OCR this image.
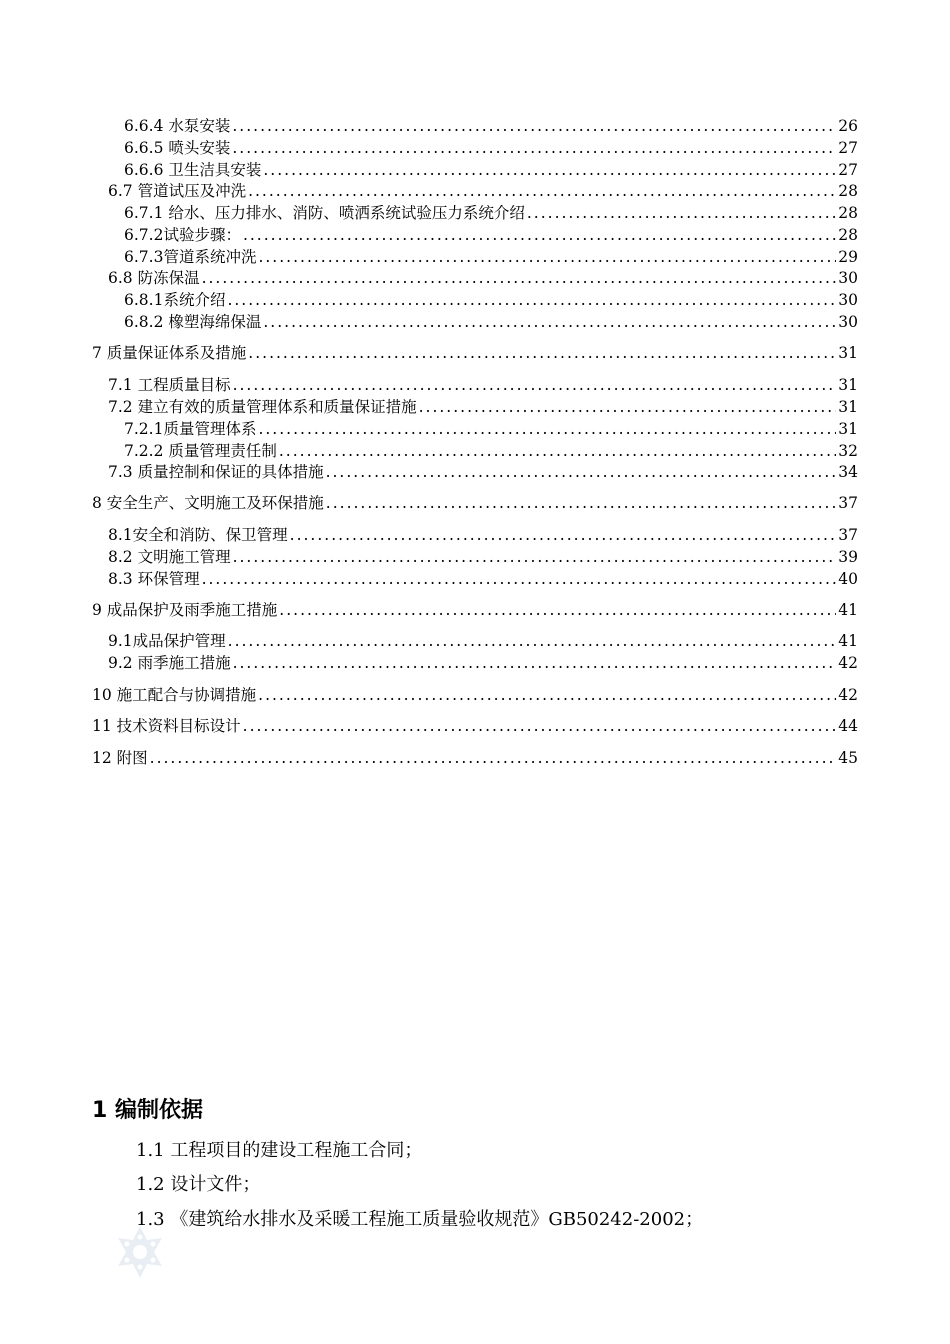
6.6.4 水泵安装 .....	26
6.6.5 喷头安装 .....	27
6.6.6 卫生洁具安装 .....	27
6.7 管道试压及冲洗 .....	28
6.7.1 给水、压力排水、消防、喷洒系统试验压力系统介绍 .....	28
6.7.2试验步骤： .....	28
6.7.3管道系统冲洗 .....	29
6.8 防冻保温 .....	30
6.8.1系统介绍 .....	30
6.8.2 橡塑海绵保温 .....	30
7 质量保证体系及措施 .....	31
7.1 工程质量目标 .....	31
7.2 建立有效的质量管理体系和质量保证措施 .....	31
7.2.1质量管理体系 .....	31
7.2.2 质量管理责任制 .....	32
7.3 质量控制和保证的具体措施 .....	34
8 安全生产、文明施工及环保措施 .....	37
8.1安全和消防、保卫管理 .....	37
8.2 文明施工管理 .....	39
8.3 环保管理 .....	40
9 成品保护及雨季施工措施 .....	41
9.1成品保护管理 .....	41
9.2 雨季施工措施 .....	42
10 施工配合与协调措施 .....	42
11 技术资料目标设计 .....	44
12 附图 .....	45
1 编制依据
1.1 工程项目的建设工程施工合同；
1.2 设计文件；
1.3 《建筑给水排水及采暖工程施工质量验收规范》GB50242-2002；
